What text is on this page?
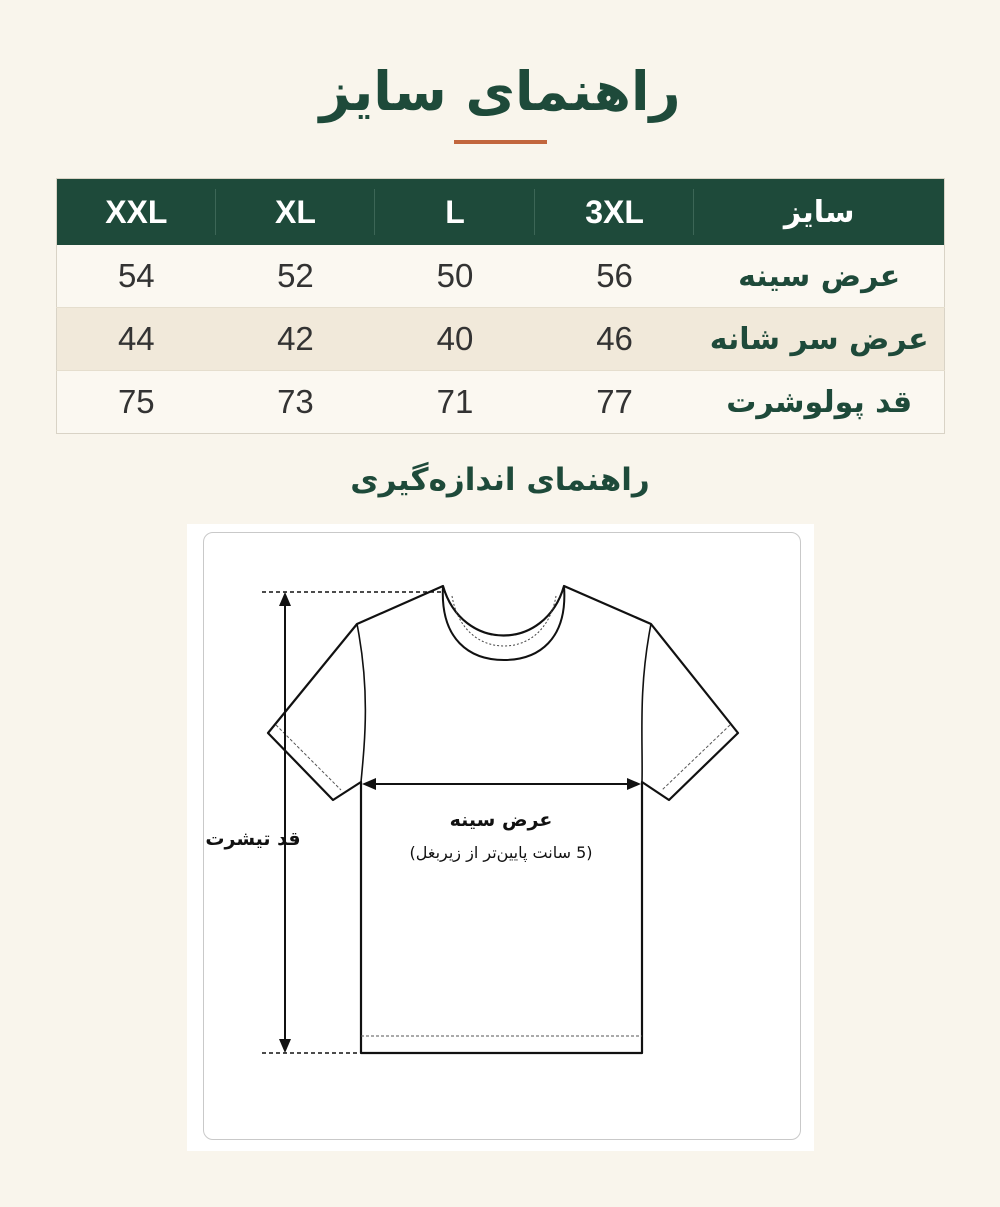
راهنمای سایز
XXL	XL	L	3XL	سایز
54	52	50	56	عرض سینه
44	42	40	46	عرض سر شانه
75	73	71	77	قد پولوشرت
راهنمای اندازه‌گیری
عرض سینه
(5 سانت پایین‌تر از زیربغل)
قد تیشرت
